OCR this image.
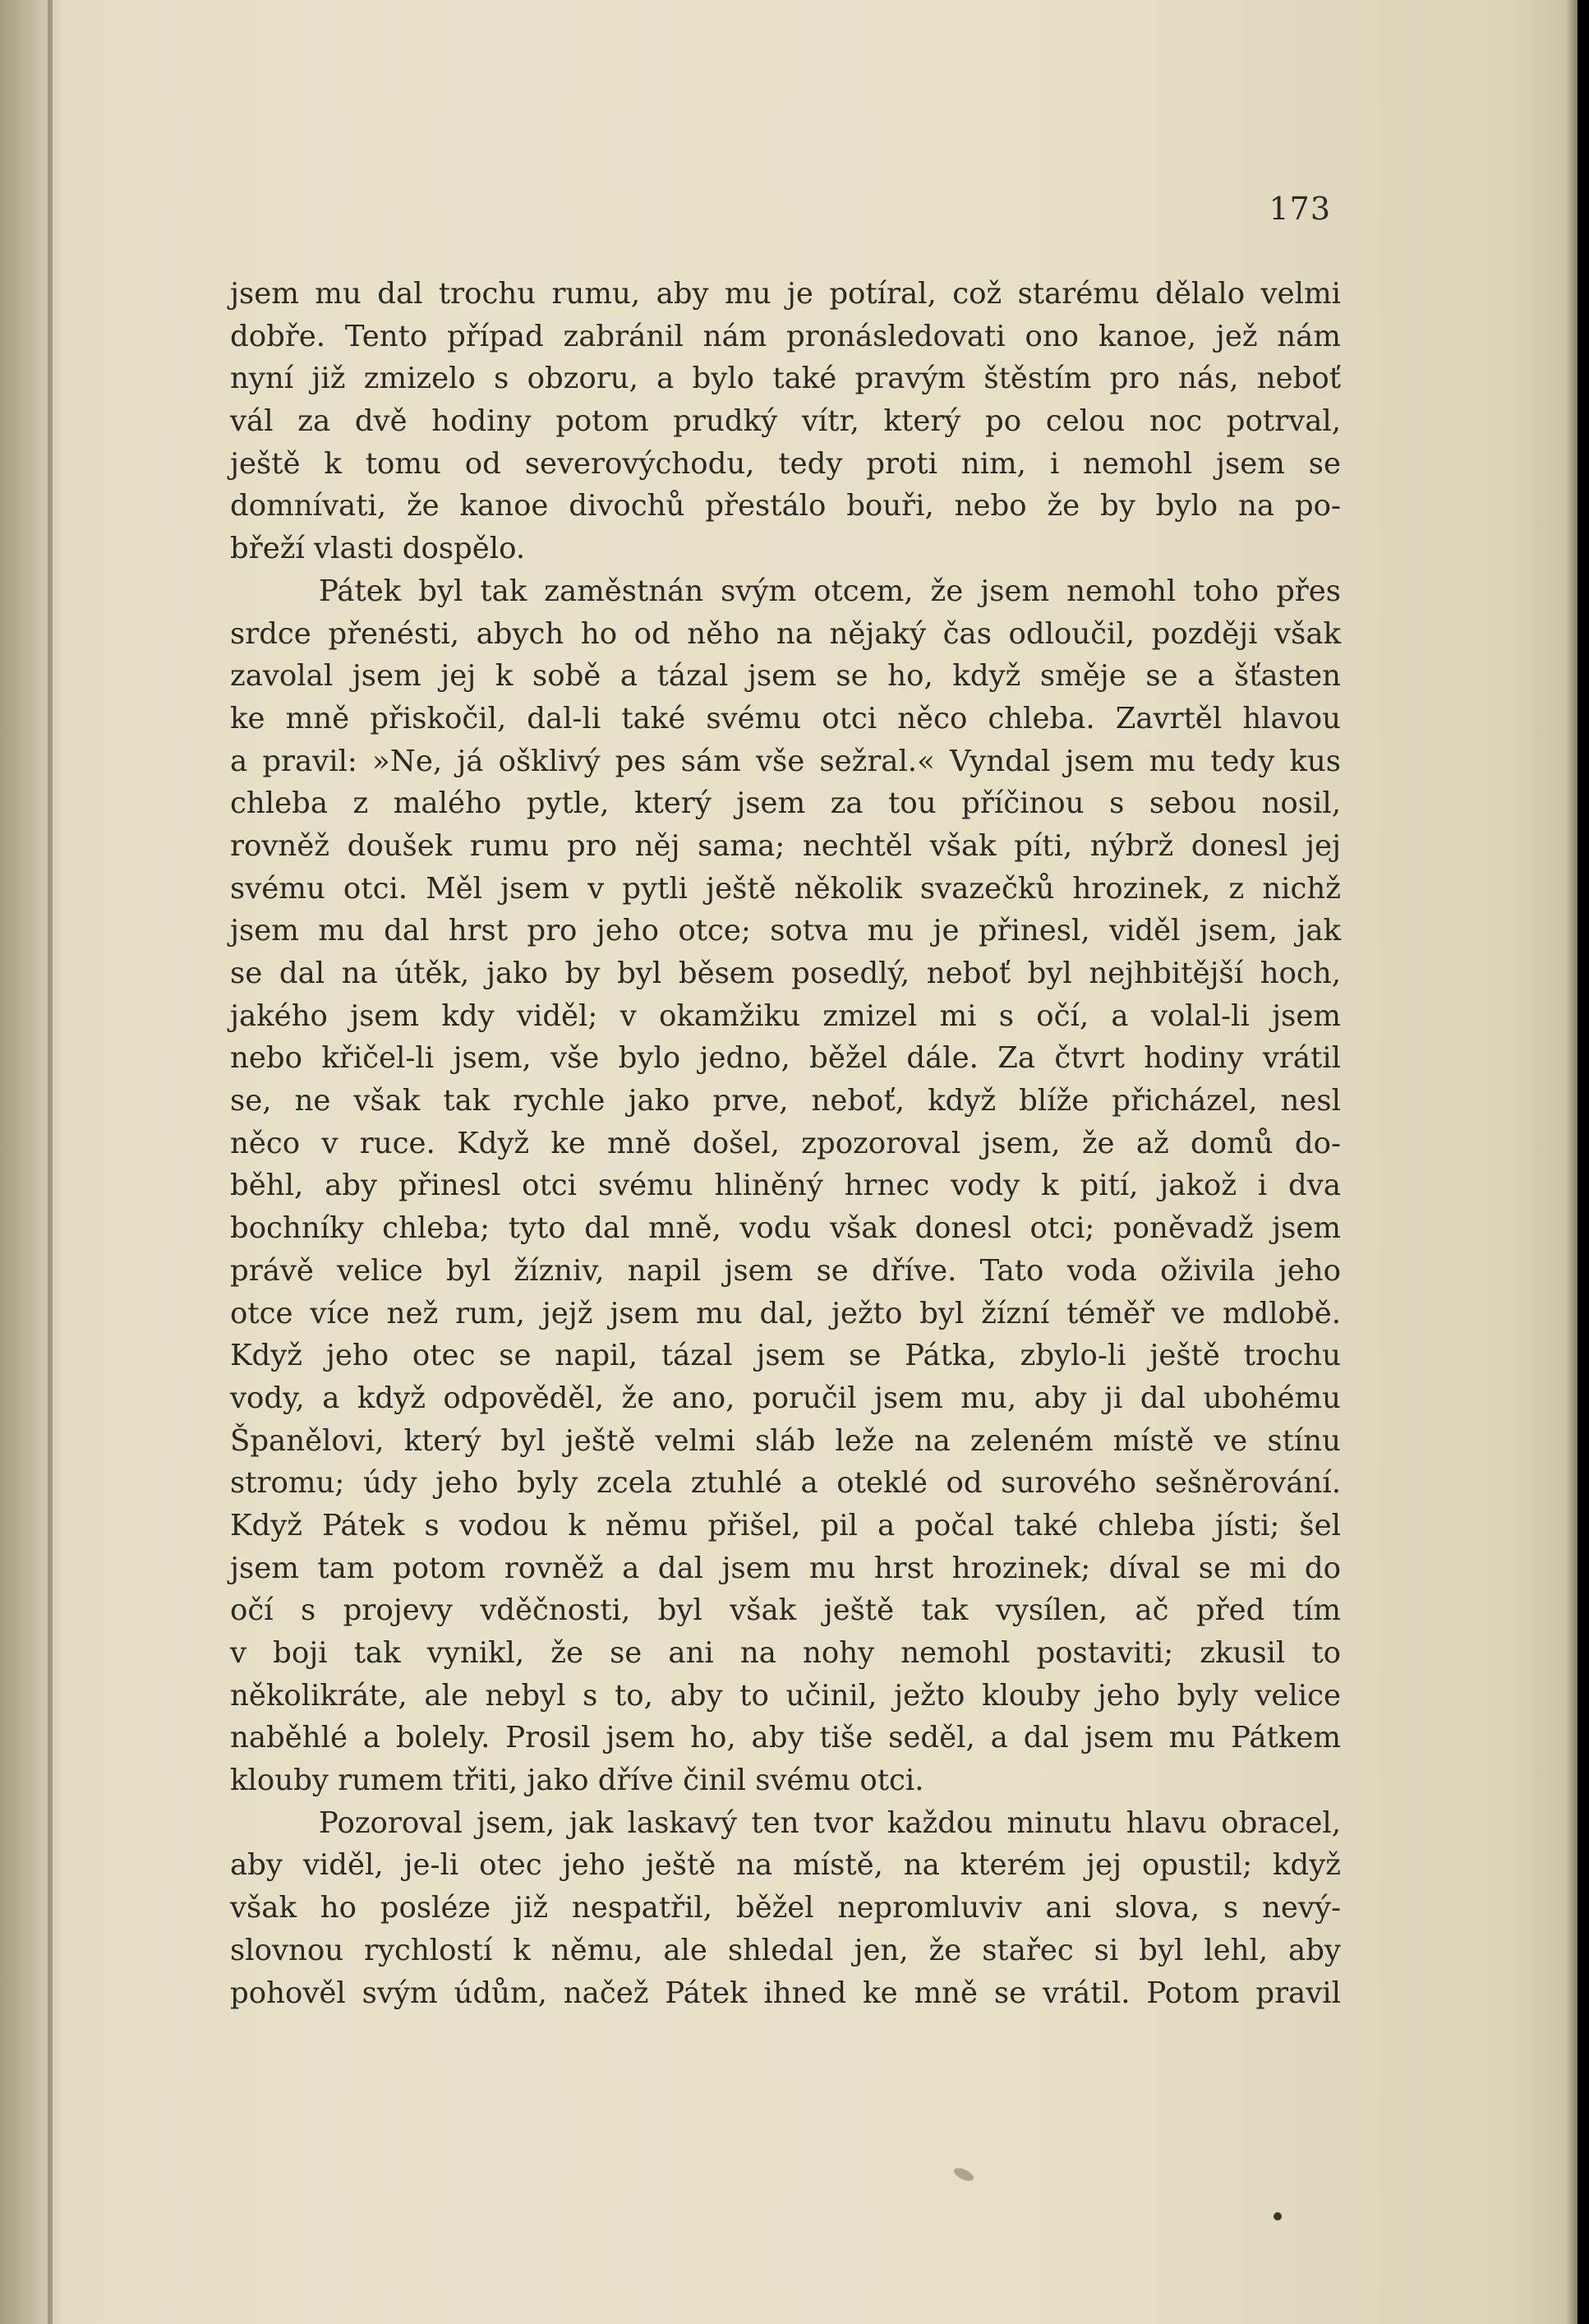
173
jsem mu dal trochu rumu, aby mu je potíral, což starému dělalo velmi
dobře. Tento případ zabránil nám pronásledovati ono kanoe, jež nám
nyní již zmizelo s obzoru, a bylo také pravým štěstím pro nás, neboť
vál za dvě hodiny potom prudký vítr, který po celou noc potrval,
ještě k tomu od severovýchodu, tedy proti nim, i nemohl jsem se
domnívati, že kanoe divochů přestálo bouři, nebo že by bylo na po-
břeží vlasti dospělo.
Pátek byl tak zaměstnán svým otcem, že jsem nemohl toho přes
srdce přenésti, abych ho od něho na nějaký čas odloučil, později však
zavolal jsem jej k sobě a tázal jsem se ho, když směje se a šťasten
ke mně přiskočil, dal-li také svému otci něco chleba. Zavrtěl hlavou
a pravil: »Ne, já ošklivý pes sám vše sežral.« Vyndal jsem mu tedy kus
chleba z malého pytle, který jsem za tou příčinou s sebou nosil,
rovněž doušek rumu pro něj sama; nechtěl však píti, nýbrž donesl jej
svému otci. Měl jsem v pytli ještě několik svazečků hrozinek, z nichž
jsem mu dal hrst pro jeho otce; sotva mu je přinesl, viděl jsem, jak
se dal na útěk, jako by byl běsem posedlý, neboť byl nejhbitější hoch,
jakého jsem kdy viděl; v okamžiku zmizel mi s očí, a volal-li jsem
nebo křičel-li jsem, vše bylo jedno, běžel dále. Za čtvrt hodiny vrátil
se, ne však tak rychle jako prve, neboť, když blíže přicházel, nesl
něco v ruce. Když ke mně došel, zpozoroval jsem, že až domů do-
běhl, aby přinesl otci svému hliněný hrnec vody k pití, jakož i dva
bochníky chleba; tyto dal mně, vodu však donesl otci; poněvadž jsem
právě velice byl žízniv, napil jsem se dříve. Tato voda oživila jeho
otce více než rum, jejž jsem mu dal, ježto byl žízní téměř ve mdlobě.
Když jeho otec se napil, tázal jsem se Pátka, zbylo-li ještě trochu
vody, a když odpověděl, že ano, poručil jsem mu, aby ji dal ubohému
Španělovi, který byl ještě velmi sláb leže na zeleném místě ve stínu
stromu; údy jeho byly zcela ztuhlé a oteklé od surového sešněrování.
Když Pátek s vodou k němu přišel, pil a počal také chleba jísti; šel
jsem tam potom rovněž a dal jsem mu hrst hrozinek; díval se mi do
očí s projevy vděčnosti, byl však ještě tak vysílen, ač před tím
v boji tak vynikl, že se ani na nohy nemohl postaviti; zkusil to
několikráte, ale nebyl s to, aby to učinil, ježto klouby jeho byly velice
naběhlé a bolely. Prosil jsem ho, aby tiše seděl, a dal jsem mu Pátkem
klouby rumem třiti, jako dříve činil svému otci.
Pozoroval jsem, jak laskavý ten tvor každou minutu hlavu obracel,
aby viděl, je-li otec jeho ještě na místě, na kterém jej opustil; když
však ho posléze již nespatřil, běžel nepromluviv ani slova, s nevý-
slovnou rychlostí k němu, ale shledal jen, že stařec si byl lehl, aby
pohověl svým údům, načež Pátek ihned ke mně se vrátil. Potom pravil
